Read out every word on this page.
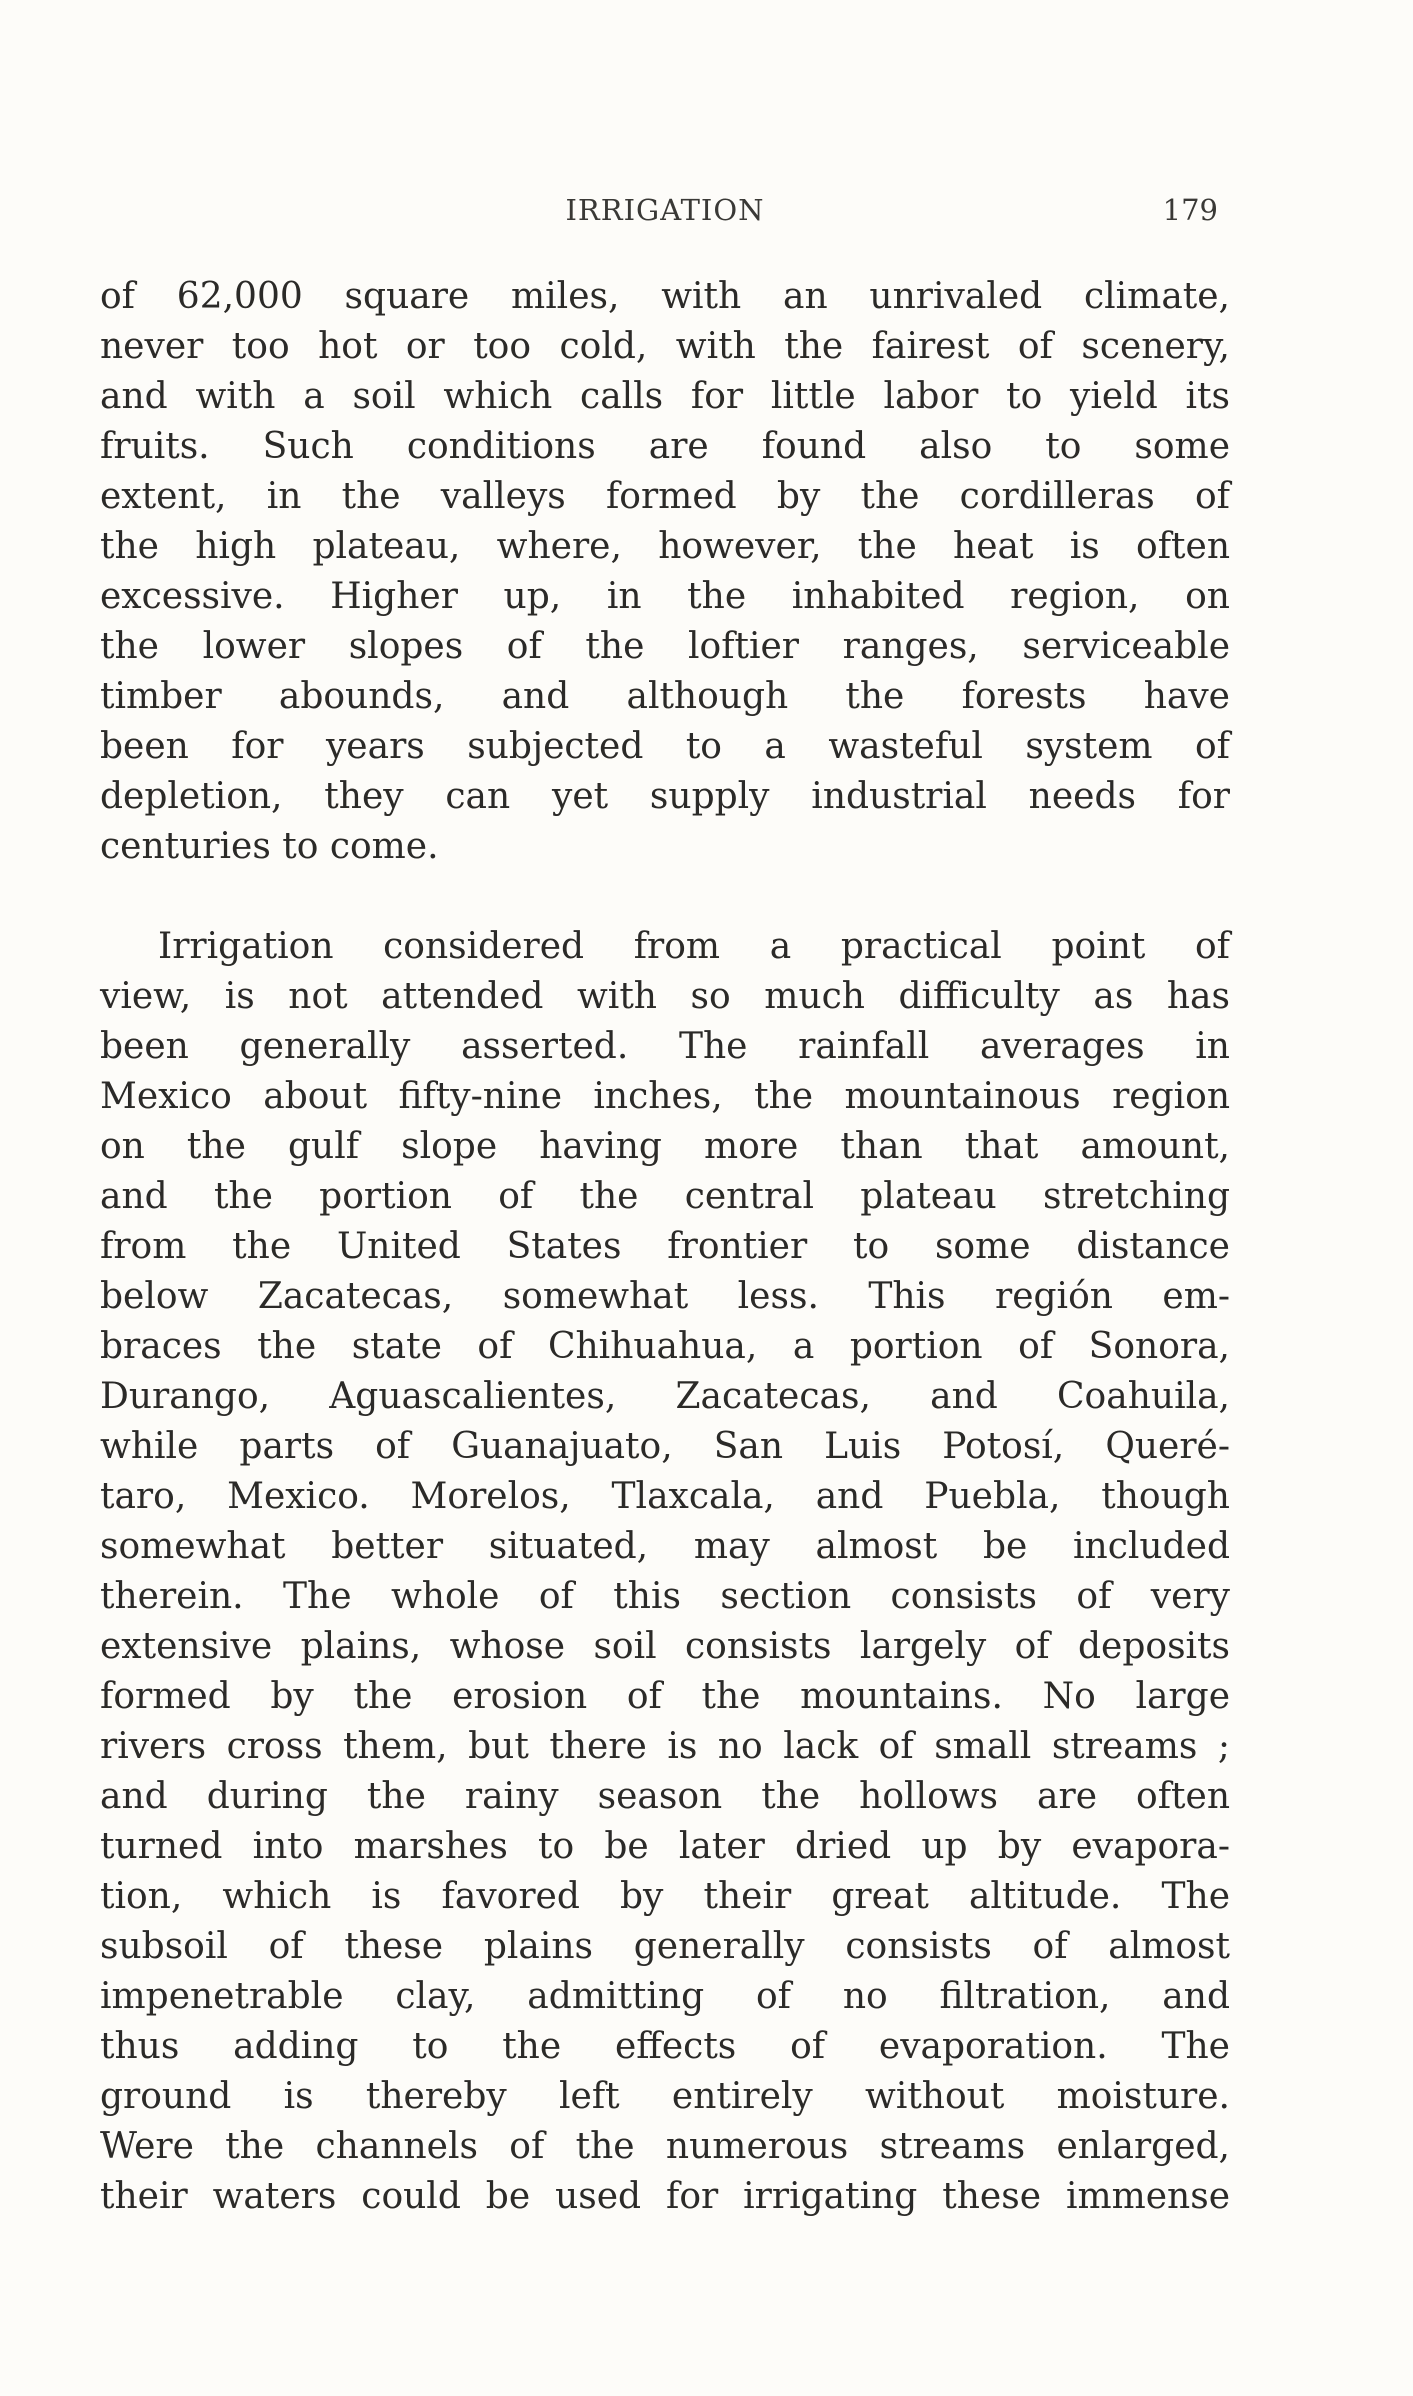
IRRIGATION	179
of 62,000 square miles, with an unrivaled climate,
never too hot or too cold, with the fairest of scenery,
and with a soil which calls for little labor to yield its
fruits. Such conditions are found also to some
extent, in the valleys formed by the cordilleras of
the high plateau, where, however, the heat is often
excessive. Higher up, in the inhabited region, on
the lower slopes of the loftier ranges, serviceable
timber abounds, and although the forests have
been for years subjected to a wasteful system of
depletion, they can yet supply industrial needs for
centuries to come.
Irrigation considered from a practical point of
view, is not attended with so much difficulty as has
been generally asserted. The rainfall averages in
Mexico about fifty-nine inches, the mountainous region
on the gulf slope having more than that amount,
and the portion of the central plateau stretching
from the United States frontier to some distance
below Zacatecas, somewhat less. This región em-
braces the state of Chihuahua, a portion of Sonora,
Durango, Aguascalientes, Zacatecas, and Coahuila,
while parts of Guanajuato, San Luis Potosí, Queré-
taro, Mexico. Morelos, Tlaxcala, and Puebla, though
somewhat better situated, may almost be included
therein. The whole of this section consists of very
extensive plains, whose soil consists largely of deposits
formed by the erosion of the mountains. No large
rivers cross them, but there is no lack of small streams ;
and during the rainy season the hollows are often
turned into marshes to be later dried up by evapora-
tion, which is favored by their great altitude. The
subsoil of these plains generally consists of almost
impenetrable clay, admitting of no filtration, and
thus adding to the effects of evaporation. The
ground is thereby left entirely without moisture.
Were the channels of the numerous streams enlarged,
their waters could be used for irrigating these immense
